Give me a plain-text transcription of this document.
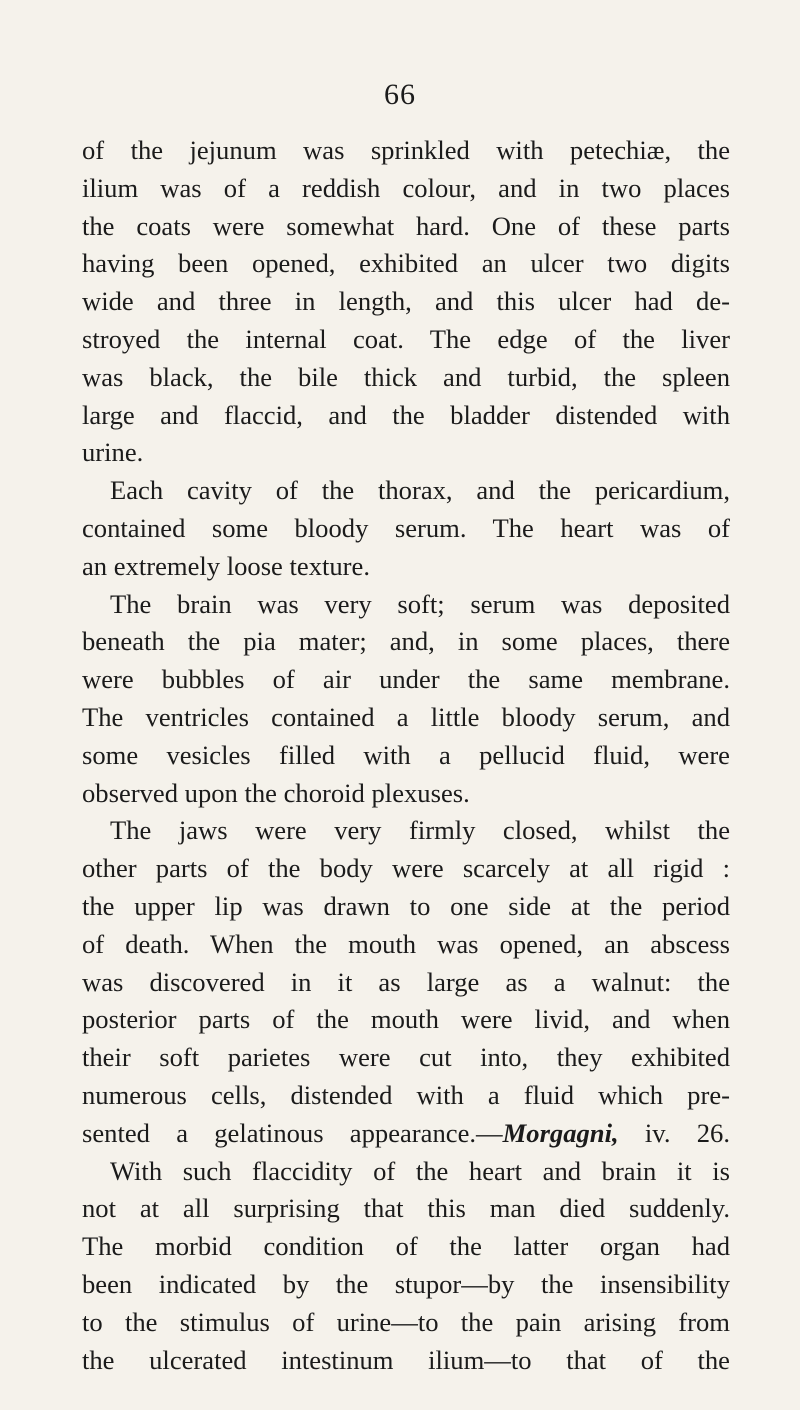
66
of the jejunum was sprinkled with petechiæ, the
ilium was of a reddish colour, and in two places
the coats were somewhat hard. One of these parts
having been opened, exhibited an ulcer two digits
wide and three in length, and this ulcer had de-
stroyed the internal coat. The edge of the liver
was black, the bile thick and turbid, the spleen
large and flaccid, and the bladder distended with
urine.
Each cavity of the thorax, and the pericardium,
contained some bloody serum. The heart was of
an extremely loose texture.
The brain was very soft; serum was deposited
beneath the pia mater; and, in some places, there
were bubbles of air under the same membrane.
The ventricles contained a little bloody serum, and
some vesicles filled with a pellucid fluid, were
observed upon the choroid plexuses.
The jaws were very firmly closed, whilst the
other parts of the body were scarcely at all rigid :
the upper lip was drawn to one side at the period
of death. When the mouth was opened, an abscess
was discovered in it as large as a walnut: the
posterior parts of the mouth were livid, and when
their soft parietes were cut into, they exhibited
numerous cells, distended with a fluid which pre-
sented a gelatinous appearance.—Morgagni, iv. 26.
With such flaccidity of the heart and brain it is
not at all surprising that this man died suddenly.
The morbid condition of the latter organ had
been indicated by the stupor—by the insensibility
to the stimulus of urine—to the pain arising from
the ulcerated intestinum ilium—to that of the
